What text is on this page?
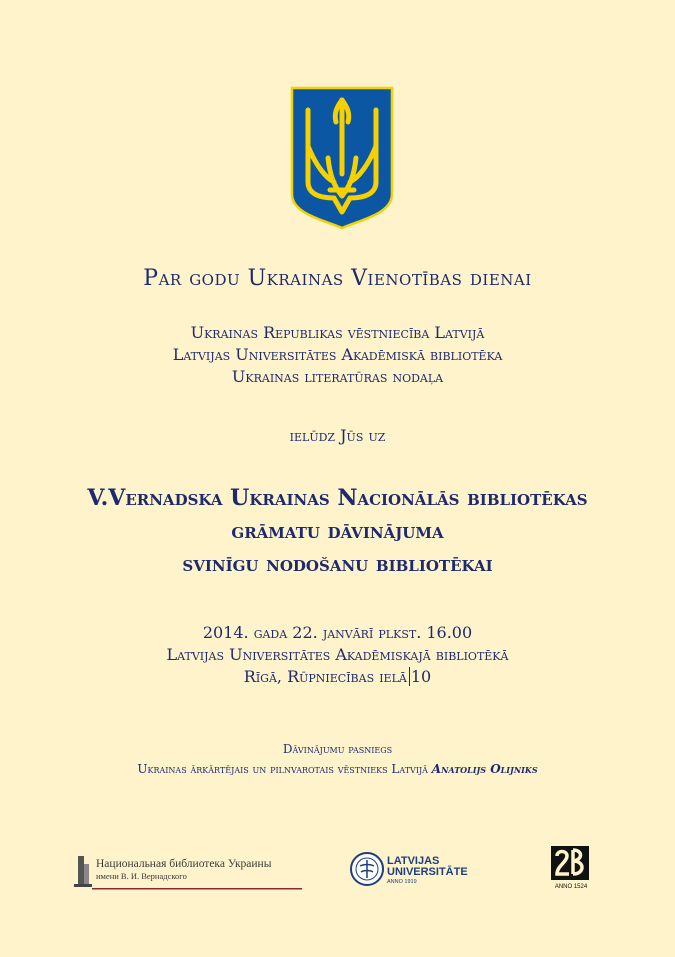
Par godu Ukrainas Vienotības dienai
Ukrainas Republikas vēstniecība Latvijā
Latvijas Universitātes Akadēmiskā bibliotēka
Ukrainas literatūras nodaļa
ielūdz Jūs uz
V.Vernadska Ukrainas Nacionālās bibliotēkas
grāmatu dāvinājuma
svinīgu nodošanu bibliotēkai
2014. gada 22. janvārī plkst. 16.00
Latvijas Universitātes Akadēmiskajā bibliotēkā
Rīgā, Rūpniecības ielā 10
Dāvinājumu pasniegs
Ukrainas ārkārtējais un pilnvarotais vēstnieks Latvijā Anatolijs Olijniks
Национальная библиотека Украины
имени В. И. Вернадского
LATVIJAS
UNIVERSITĀTE
ANNO 1919
ANNO 1524
